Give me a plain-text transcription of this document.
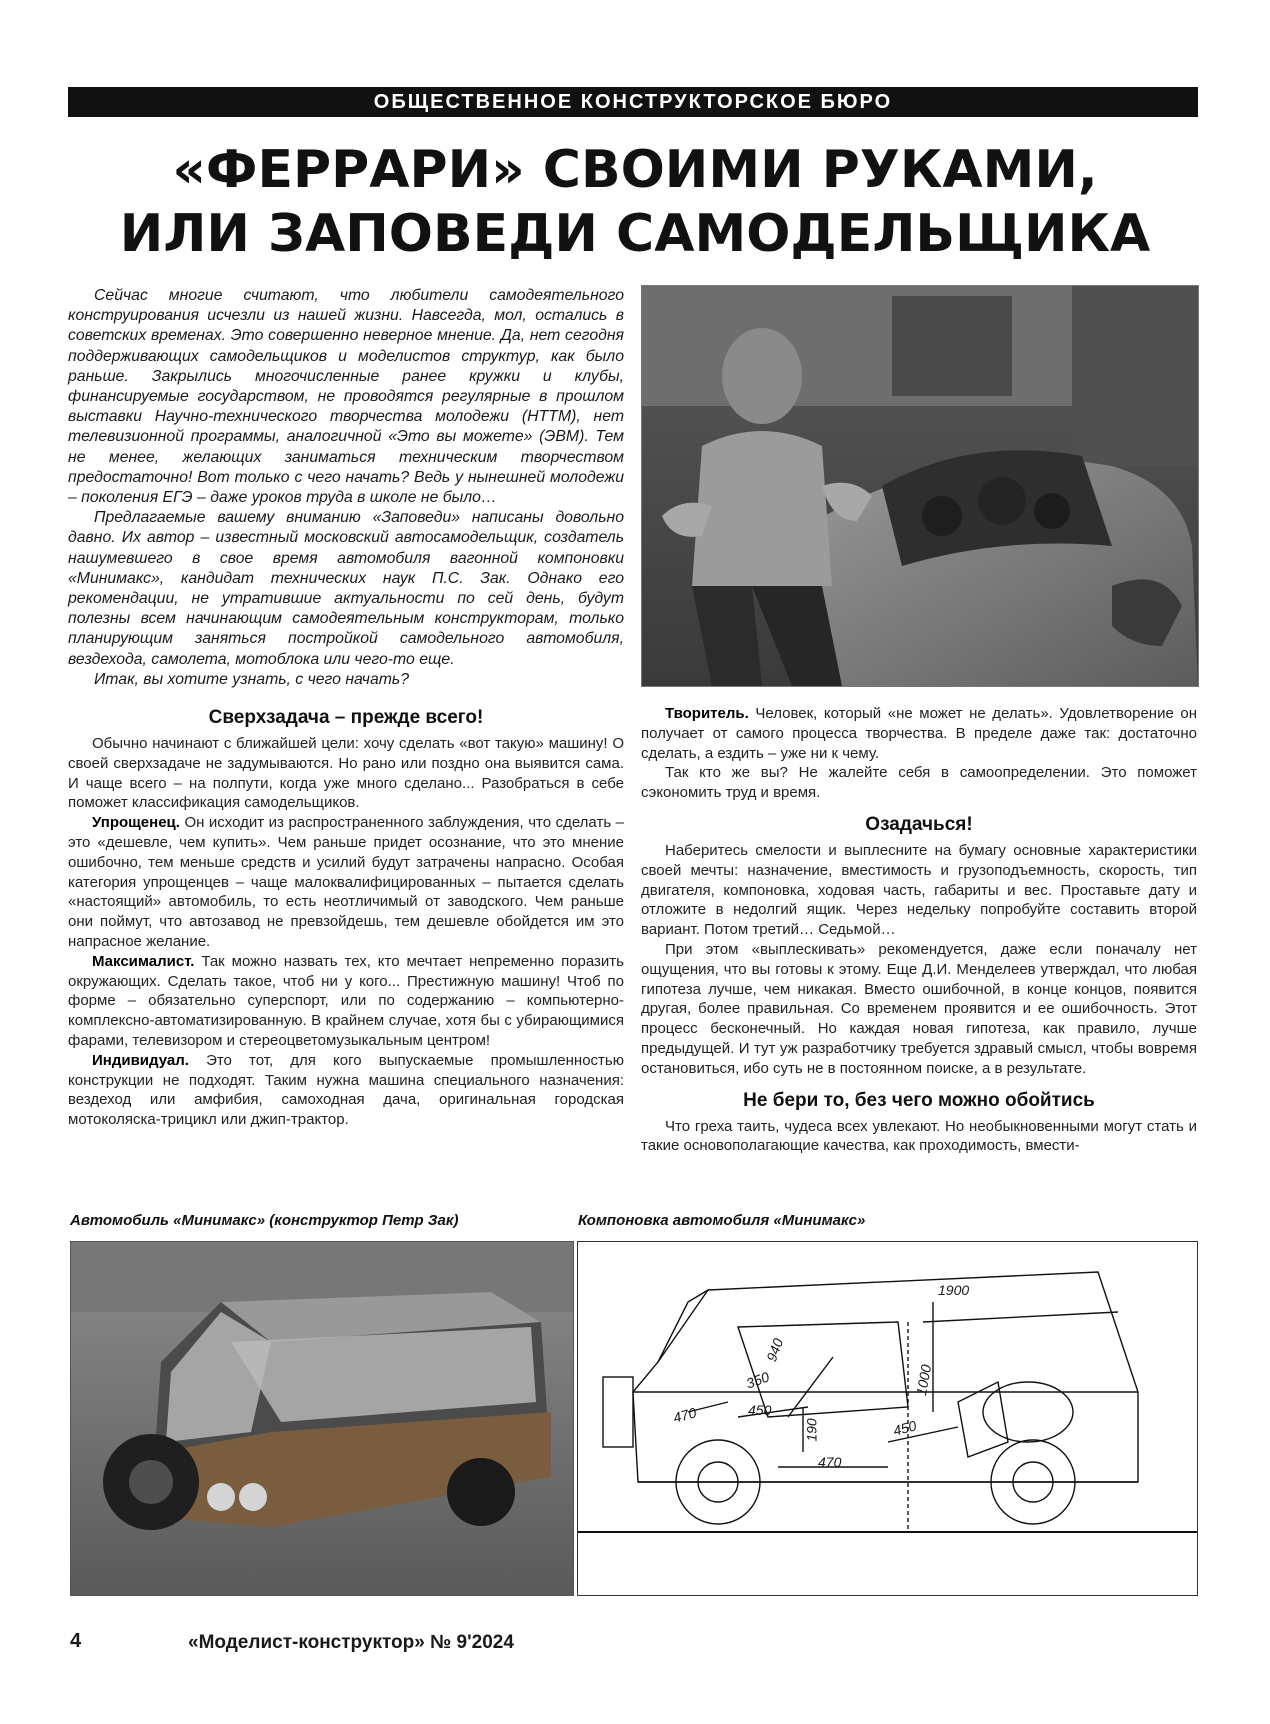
ОБЩЕСТВЕННОЕ КОНСТРУКТОРСКОЕ БЮРО
«ФЕРРАРИ» СВОИМИ РУКАМИ,
ИЛИ ЗАПОВЕДИ САМОДЕЛЬЩИКА

Сейчас многие считают, что любители самодеятельного конструирования исчезли из нашей жизни. Навсегда, мол, остались в советских временах. Это совершенно неверное мнение. Да, нет сегодня поддерживающих самодельщиков и моделистов структур, как было раньше. Закрылись многочисленные ранее кружки и клубы, финансируемые государством, не проводятся регулярные в прошлом выставки Научно-технического творчества молодежи (НТТМ), нет телевизионной программы, аналогичной «Это вы можете» (ЭВМ). Тем не менее, желающих заниматься техническим творчеством предостаточно! Вот только с чего начать? Ведь у нынешней молодежи – поколения ЕГЭ – даже уроков труда в школе не было…

Предлагаемые вашему вниманию «Заповеди» написаны довольно давно. Их автор – известный московский автосамодельщик, создатель нашумевшего в свое время автомобиля вагонной компоновки «Минимакс», кандидат технических наук П.С. Зак. Однако его рекомендации, не утратившие актуальности по сей день, будут полезны всем начинающим самодеятельным конструкторам, только планирующим заняться постройкой самодельного автомобиля, вездехода, самолета, мотоблока или чего-то еще.

Итак, вы хотите узнать, с чего начать?

Сверхзадача – прежде всего!

Обычно начинают с ближайшей цели: хочу сделать «вот такую» машину! О своей сверхзадаче не задумываются. Но рано или поздно она выявится сама. И чаще всего – на полпути, когда уже много сделано... Разобраться в себе поможет классификация самодельщиков.

Упрощенец. Он исходит из распространенного заблуждения, что сделать – это «дешевле, чем купить». Чем раньше придет осознание, что это мнение ошибочно, тем меньше средств и усилий будут затрачены напрасно. Особая категория упрощенцев – чаще малоквалифицированных – пытается сделать «настоящий» автомобиль, то есть неотличимый от заводского. Чем раньше они поймут, что автозавод не превзойдешь, тем дешевле обойдется им это напрасное желание.

Максималист. Так можно назвать тех, кто мечтает непременно поразить окружающих. Сделать такое, чтоб ни у кого... Престижную машину! Чтоб по форме – обязательно суперспорт, или по содержанию – компьютерно-комплексно-автоматизированную. В крайнем случае, хотя бы с убирающимися фарами, телевизором и стереоцветомузыкальным центром!

Индивидуал. Это тот, для кого выпускаемые промышленностью конструкции не подходят. Таким нужна машина специального назначения: вездеход или амфибия, самоходная дача, оригинальная городская мотоколяска-трицикл или джип-трактор.

Творитель. Человек, который «не может не делать». Удовлетворение он получает от самого процесса творчества. В пределе даже так: достаточно сделать, а ездить – уже ни к чему.

Так кто же вы? Не жалейте себя в самоопределении. Это поможет сэкономить труд и время.

Озадачься!

Наберитесь смелости и выплесните на бумагу основные характеристики своей мечты: назначение, вместимость и грузоподъемность, скорость, тип двигателя, компоновка, ходовая часть, габариты и вес. Проставьте дату и отложите в недолгий ящик. Через недельку попробуйте составить второй вариант. Потом третий… Седьмой…

При этом «выплескивать» рекомендуется, даже если поначалу нет ощущения, что вы готовы к этому. Еще Д.И. Менделеев утверждал, что любая гипотеза лучше, чем никакая. Вместо ошибочной, в конце концов, появится другая, более правильная. Со временем проявится и ее ошибочность. Этот процесс бесконечный. Но каждая новая гипотеза, как правило, лучше предыдущей. И тут уж разработчику требуется здравый смысл, чтобы вовремя остановиться, ибо суть не в постоянном поиске, а в результате.

Не бери то, без чего можно обойтись

Что греха таить, чудеса всех увлекают. Но необыкновенными могут стать и такие основополагающие качества, как проходимость, вмести-

Автомобиль «Минимакс» (конструктор Петр Зак)	Компоновка автомобиля «Минимакс»

1900
1000
940
350
470	450
190	450
470

4	«Моделист-конструктор» № 9'2024
